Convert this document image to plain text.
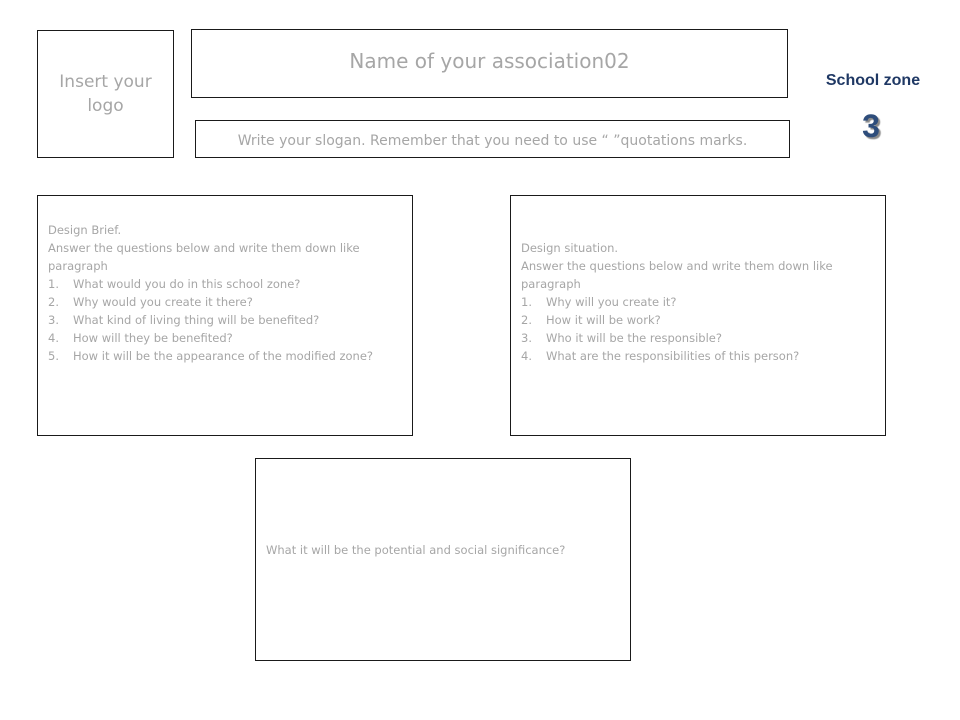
Insert your logo
Name of your association02
Write your slogan. Remember that you need to use “ ”quotations marks.
School zone
3
Design Brief.
Answer the questions below and write them down like paragraph
1. What would you do in this school zone?
2. Why would you create it there?
3. What kind of living thing will be benefited?
4. How will they be benefited?
5. How it will be the appearance of the modified zone?
Design situation.
Answer the questions below and write them down like paragraph
1. Why will you create it?
2. How it will be work?
3. Who it will be the responsible?
4. What are the responsibilities of this person?
What it will be the potential and social significance?
